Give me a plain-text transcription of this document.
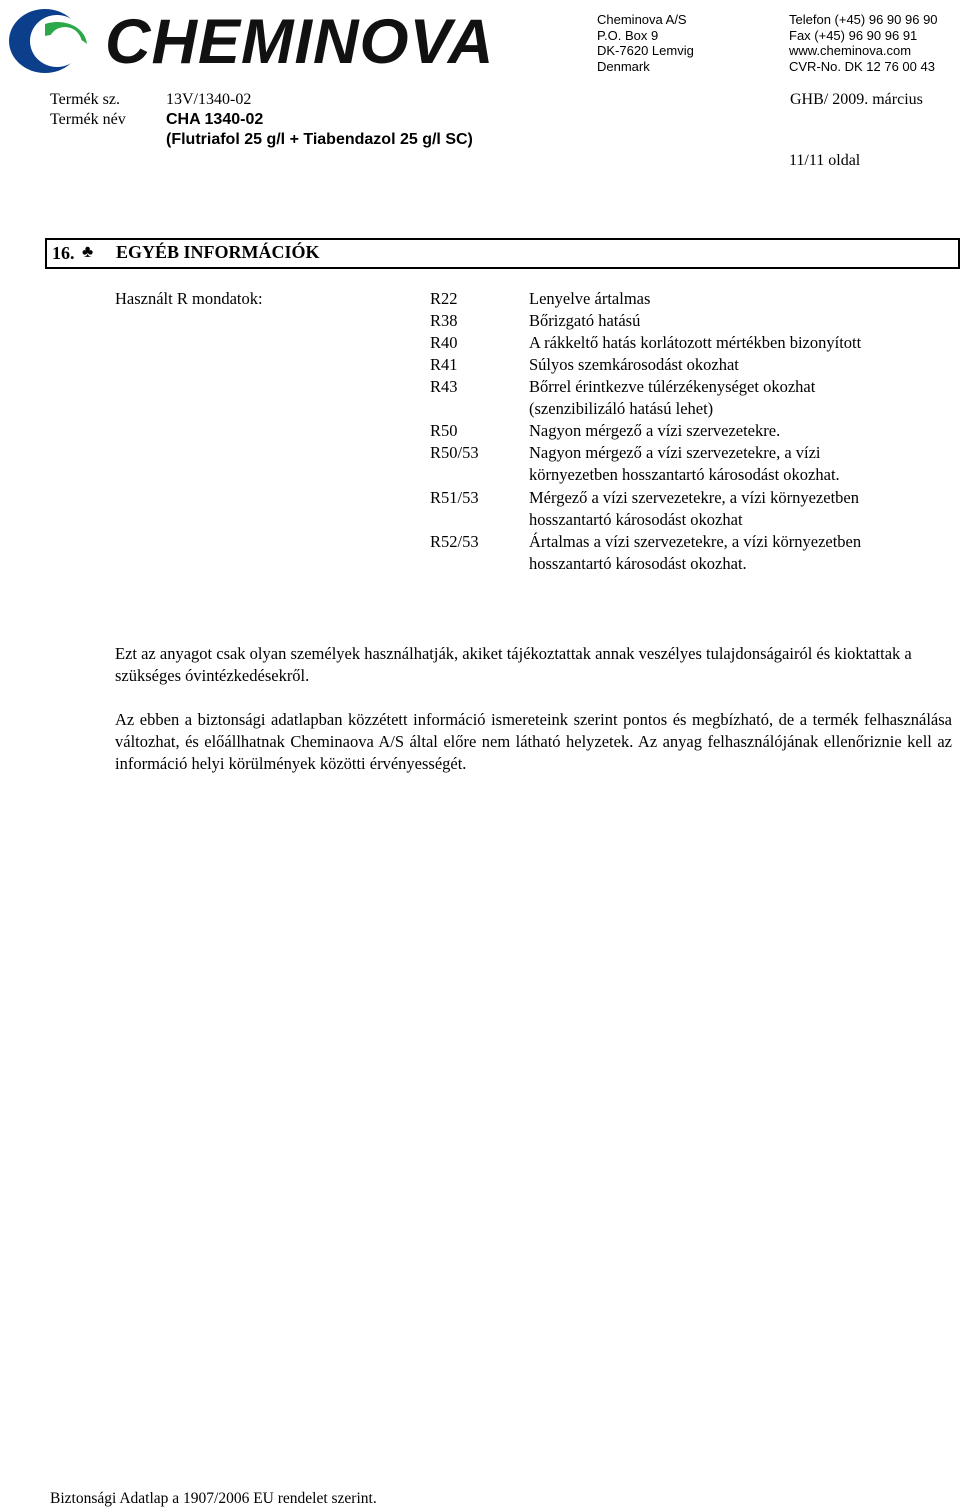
CHEMINOVA	Cheminova A/S
P.O. Box 9
DK-7620 Lemvig
Denmark
Telefon (+45) 96 90 96 90
Fax (+45) 96 90 96 91
www.cheminova.com
CVR-No. DK 12 76 00 43
Termék sz.	13V/1340-02
Termék név	CHA 1340-02
(Flutriafol 25 g/l + Tiabendazol 25 g/l SC)
GHB/ 2009. március
11/11 oldal
16. ♣ EGYÉB INFORMÁCIÓK
Használt R mondatok:	R22	Lenyelve ártalmas
R38	Bőrizgató hatású
R40	A rákkeltő hatás korlátozott mértékben bizonyított
R41	Súlyos szemkárosodást okozhat
R43	Bőrrel érintkezve túlérzékenységet okozhat (szenzibilizáló hatású lehet)
R50	Nagyon mérgező a vízi szervezetekre.
R50/53	Nagyon mérgező a vízi szervezetekre, a vízi környezetben hosszantartó károsodást okozhat.
R51/53	Mérgező a vízi szervezetekre, a vízi környezetben hosszantartó károsodást okozhat
R52/53	Ártalmas a vízi szervezetekre, a vízi környezetben hosszantartó károsodást okozhat.
Ezt az anyagot csak olyan személyek használhatják, akiket tájékoztattak annak veszélyes tulajdonságairól és kioktattak a szükséges óvintézkedésekről.
Az ebben a biztonsági adatlapban közzétett információ ismereteink szerint pontos és megbízható, de a termék felhasználása változhat, és előállhatnak Cheminaova A/S által előre nem látható helyzetek. Az anyag felhasználójának ellenőriznie kell az információ helyi körülmények közötti érvényességét.
Biztonsági Adatlap a 1907/2006 EU rendelet szerint.
